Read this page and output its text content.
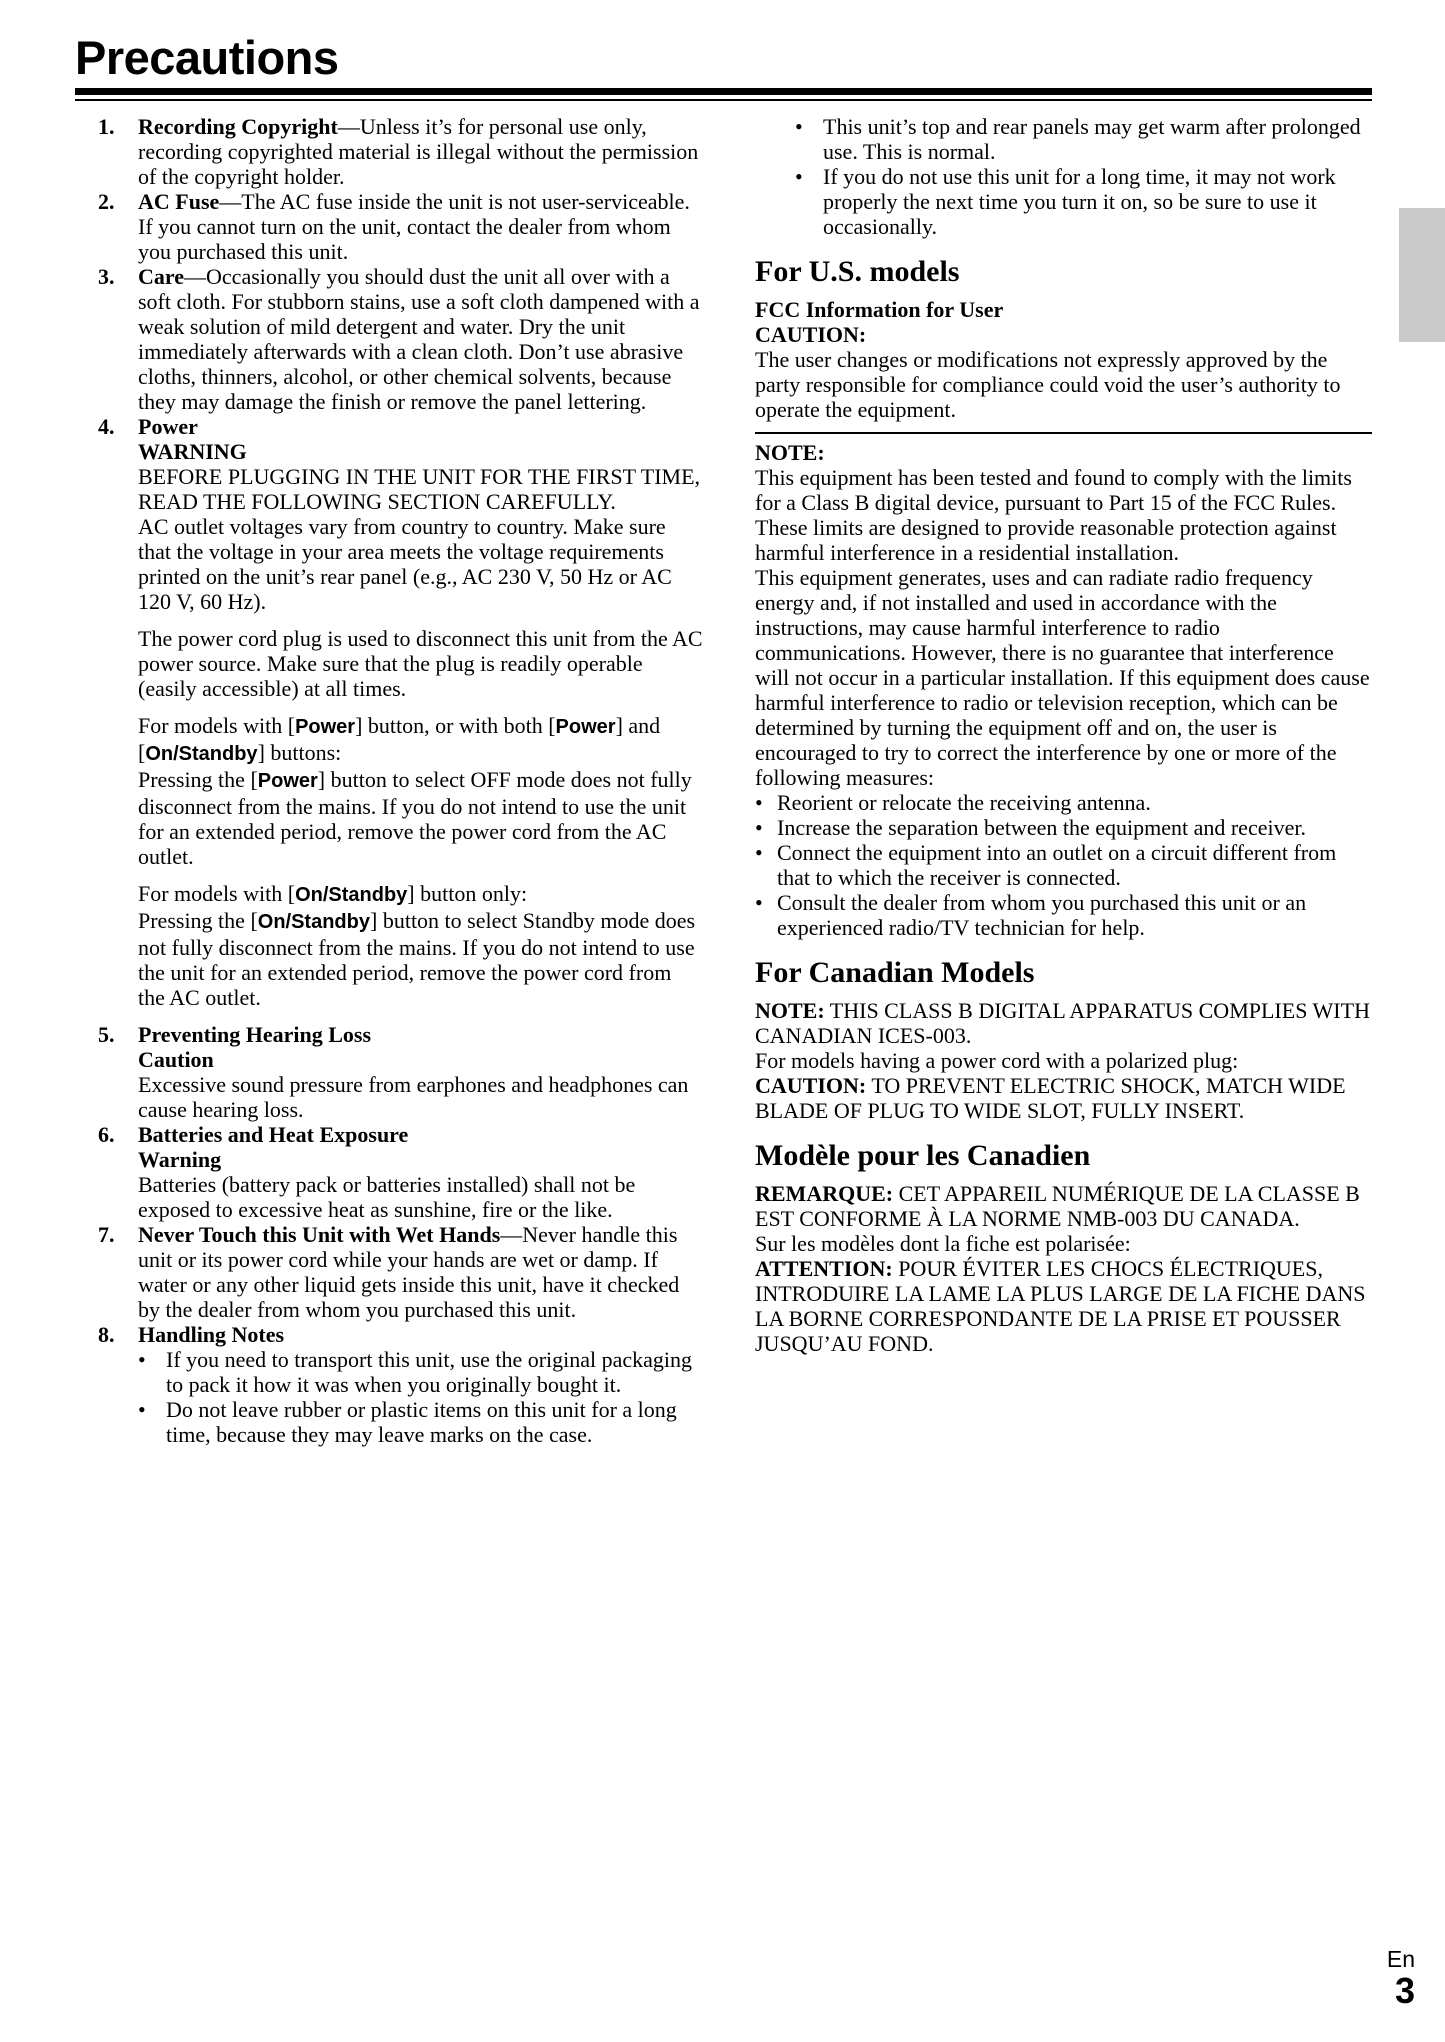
Precautions
1.	Recording Copyright—Unless it’s for personal use only, recording copyrighted material is illegal without the permission of the copyright holder.
2.	AC Fuse—The AC fuse inside the unit is not user-serviceable. If you cannot turn on the unit, contact the dealer from whom you purchased this unit.
3.	Care—Occasionally you should dust the unit all over with a soft cloth. For stubborn stains, use a soft cloth dampened with a weak solution of mild detergent and water. Dry the unit immediately afterwards with a clean cloth. Don’t use abrasive cloths, thinners, alcohol, or other chemical solvents, because they may damage the finish or remove the panel lettering.
4.	Power
WARNING
BEFORE PLUGGING IN THE UNIT FOR THE FIRST TIME, READ THE FOLLOWING SECTION CAREFULLY.
AC outlet voltages vary from country to country. Make sure that the voltage in your area meets the voltage requirements printed on the unit’s rear panel (e.g., AC 230 V, 50 Hz or AC 120 V, 60 Hz).
The power cord plug is used to disconnect this unit from the AC power source. Make sure that the plug is readily operable (easily accessible) at all times.
For models with [Power] button, or with both [Power] and [On/Standby] buttons:
Pressing the [Power] button to select OFF mode does not fully disconnect from the mains. If you do not intend to use the unit for an extended period, remove the power cord from the AC outlet.
For models with [On/Standby] button only:
Pressing the [On/Standby] button to select Standby mode does not fully disconnect from the mains. If you do not intend to use the unit for an extended period, remove the power cord from the AC outlet.
5.	Preventing Hearing Loss
Caution
Excessive sound pressure from earphones and headphones can cause hearing loss.
6.	Batteries and Heat Exposure
Warning
Batteries (battery pack or batteries installed) shall not be exposed to excessive heat as sunshine, fire or the like.
7.	Never Touch this Unit with Wet Hands—Never handle this unit or its power cord while your hands are wet or damp. If water or any other liquid gets inside this unit, have it checked by the dealer from whom you purchased this unit.
8.	Handling Notes
• If you need to transport this unit, use the original packaging to pack it how it was when you originally bought it.
• Do not leave rubber or plastic items on this unit for a long time, because they may leave marks on the case.
• This unit’s top and rear panels may get warm after prolonged use. This is normal.
• If you do not use this unit for a long time, it may not work properly the next time you turn it on, so be sure to use it occasionally.
For U.S. models
FCC Information for User
CAUTION:
The user changes or modifications not expressly approved by the party responsible for compliance could void the user’s authority to operate the equipment.
NOTE:
This equipment has been tested and found to comply with the limits for a Class B digital device, pursuant to Part 15 of the FCC Rules. These limits are designed to provide reasonable protection against harmful interference in a residential installation.
This equipment generates, uses and can radiate radio frequency energy and, if not installed and used in accordance with the instructions, may cause harmful interference to radio communications. However, there is no guarantee that interference will not occur in a particular installation. If this equipment does cause harmful interference to radio or television reception, which can be determined by turning the equipment off and on, the user is encouraged to try to correct the interference by one or more of the following measures:
• Reorient or relocate the receiving antenna.
• Increase the separation between the equipment and receiver.
• Connect the equipment into an outlet on a circuit different from that to which the receiver is connected.
• Consult the dealer from whom you purchased this unit or an experienced radio/TV technician for help.
For Canadian Models
NOTE: THIS CLASS B DIGITAL APPARATUS COMPLIES WITH CANADIAN ICES-003.
For models having a power cord with a polarized plug:
CAUTION: TO PREVENT ELECTRIC SHOCK, MATCH WIDE BLADE OF PLUG TO WIDE SLOT, FULLY INSERT.
Modèle pour les Canadien
REMARQUE: CET APPAREIL NUMÉRIQUE DE LA CLASSE B EST CONFORME À LA NORME NMB-003 DU CANADA.
Sur les modèles dont la fiche est polarisée:
ATTENTION: POUR ÉVITER LES CHOCS ÉLECTRIQUES, INTRODUIRE LA LAME LA PLUS LARGE DE LA FICHE DANS LA BORNE CORRESPONDANTE DE LA PRISE ET POUSSER JUSQU’AU FOND.
En
3
